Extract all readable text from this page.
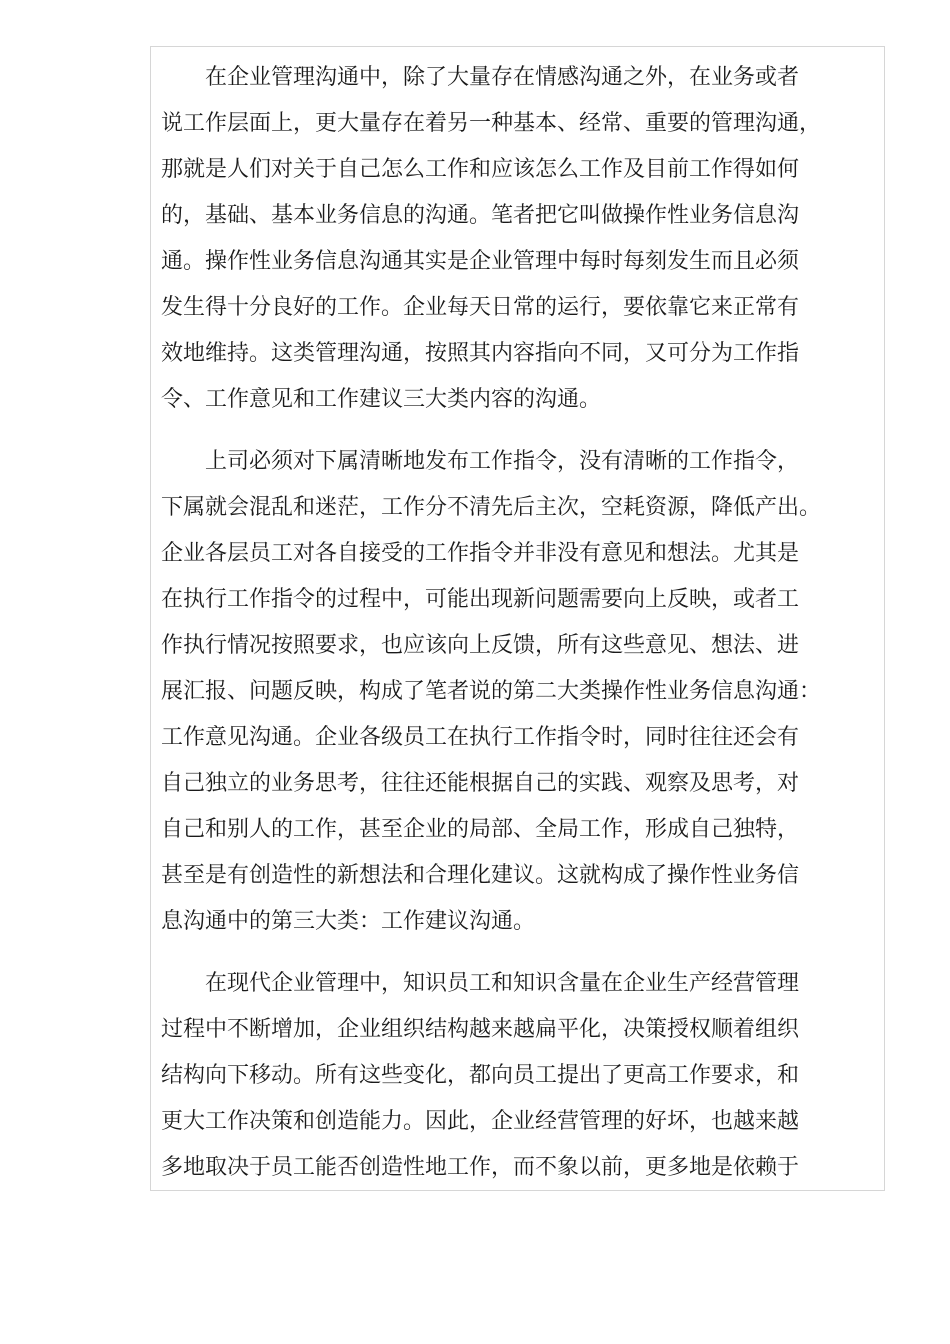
在企业管理沟通中，除了大量存在情感沟通之外，在业务或者
说工作层面上，更大量存在着另一种基本、经常、重要的管理沟通，
那就是人们对关于自己怎么工作和应该怎么工作及目前工作得如何
的，基础、基本业务信息的沟通。笔者把它叫做操作性业务信息沟
通。操作性业务信息沟通其实是企业管理中每时每刻发生而且必须
发生得十分良好的工作。企业每天日常的运行，要依靠它来正常有
效地维持。这类管理沟通，按照其内容指向不同，又可分为工作指
令、工作意见和工作建议三大类内容的沟通。

上司必须对下属清晰地发布工作指令，没有清晰的工作指令，
下属就会混乱和迷茫，工作分不清先后主次，空耗资源，降低产出。
企业各层员工对各自接受的工作指令并非没有意见和想法。尤其是
在执行工作指令的过程中，可能出现新问题需要向上反映，或者工
作执行情况按照要求，也应该向上反馈，所有这些意见、想法、进
展汇报、问题反映，构成了笔者说的第二大类操作性业务信息沟通：
工作意见沟通。企业各级员工在执行工作指令时，同时往往还会有
自己独立的业务思考，往往还能根据自己的实践、观察及思考，对
自己和别人的工作，甚至企业的局部、全局工作，形成自己独特，
甚至是有创造性的新想法和合理化建议。这就构成了操作性业务信
息沟通中的第三大类：工作建议沟通。

在现代企业管理中，知识员工和知识含量在企业生产经营管理
过程中不断增加，企业组织结构越来越扁平化，决策授权顺着组织
结构向下移动。所有这些变化，都向员工提出了更高工作要求，和
更大工作决策和创造能力。因此，企业经营管理的好坏，也越来越
多地取决于员工能否创造性地工作，而不象以前，更多地是依赖于
